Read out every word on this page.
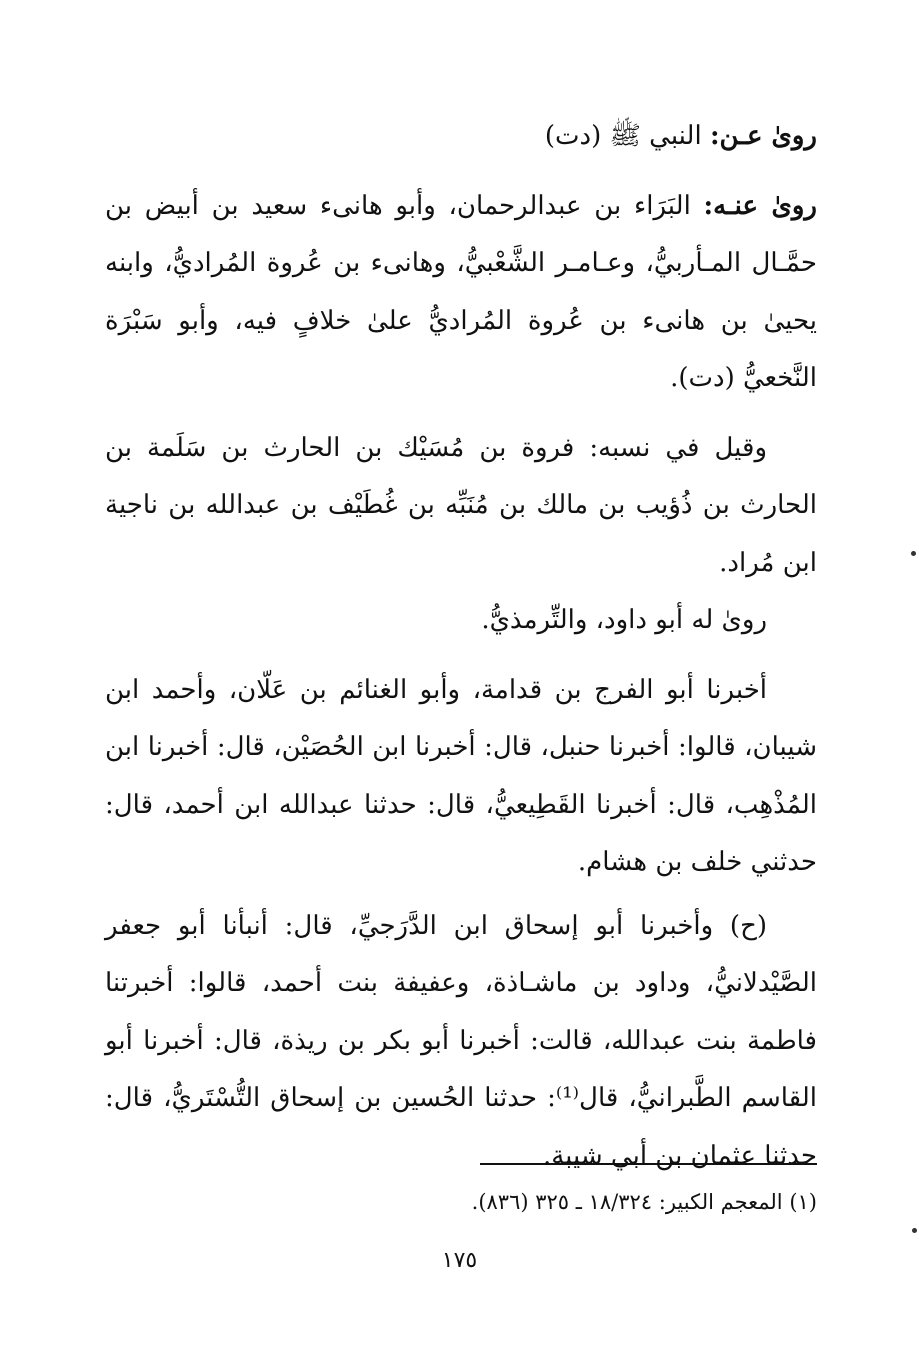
رویٰ عـن: النبي ﷺ (دت)

رویٰ عنـه: البَرَاء بن عبدالرحمان، وأبو هانیء سعید بن أبیض بن حمَّـال المـأربيُّ، وعـامـر الشَّعْبيُّ، وهانیء بن عُروة المُراديُّ، وابنه یحییٰ بن هانیء بن عُروة المُراديُّ علیٰ خلافٍ فیه، وأبو سَبْرَة النَّخعيُّ (دت).

وقیل في نسبه: فروة بن مُسَیْك بن الحارث بن سَلَمة بن الحارث بن ذُؤیب بن مالك بن مُنَبِّه بن غُطَیْف بن عبدالله بن ناجیة ابن مُراد.

رویٰ له أبو داود، والتِّرمذيُّ.

أخبرنا أبو الفرج بن قدامة، وأبو الغنائم بن عَلّان، وأحمد ابن شیبان، قالوا: أخبرنا حنبل، قال: أخبرنا ابن الحُصَیْن، قال: أخبرنا ابن المُذْهِب، قال: أخبرنا القَطِیعيُّ، قال: حدثنا عبدالله ابن أحمد، قال: حدثني خلف بن هشام.

(ح) وأخبرنا أبو إسحاق ابن الدَّرَجيِّ، قال: أنبأنا أبو جعفر الصَّیْدلانيُّ، وداود بن ماشـاذة، وعفیفة بنت أحمد، قالوا: أخبرتنا فاطمة بنت عبدالله، قالت: أخبرنا أبو بكر بن ریذة، قال: أخبرنا أبو القاسم الطَّبرانيُّ، قال⁽¹⁾: حدثنا الحُسین بن إسحاق التُّسْتَريُّ، قال: حدثنا عثمان بن أبي شیبة.

(١) المعجم الكبیر: ١٨/٣٢٤ ـ ٣٢٥ (٨٣٦).
١٧٥
